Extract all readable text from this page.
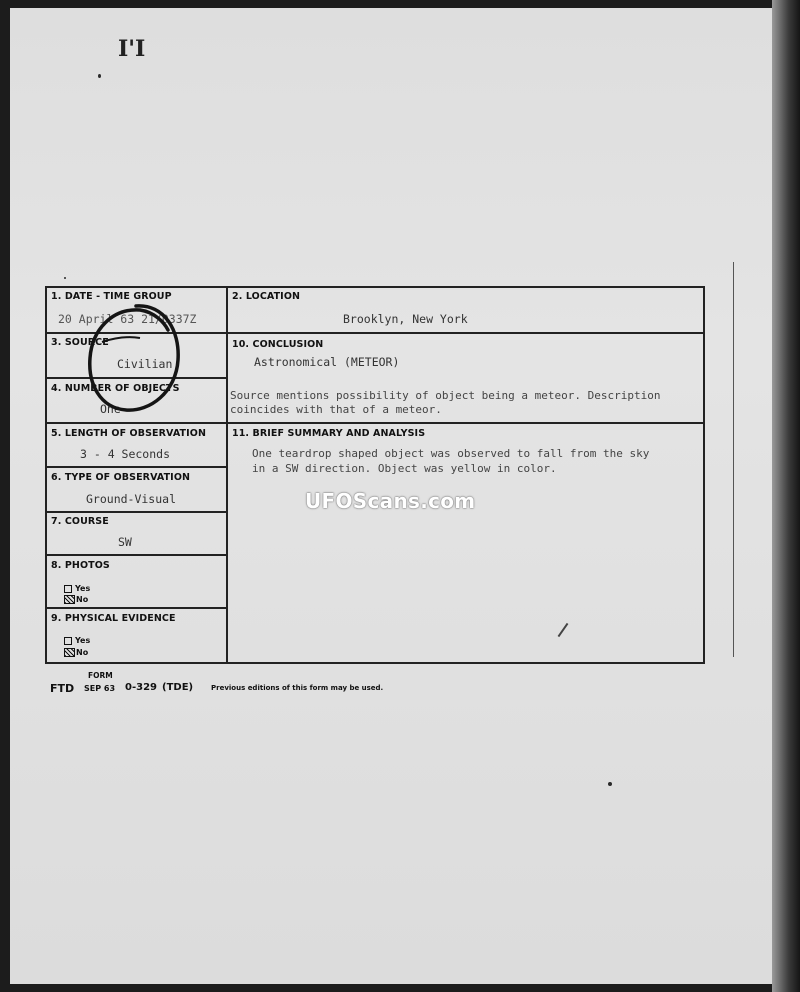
I'I
1. DATE - TIME GROUP
20 April 63 21/0337Z
2. LOCATION
Brooklyn, New York
3. SOURCE
Civilian
10. CONCLUSION
Astronomical (METEOR)
Source mentions possibility of object being a meteor. Description
coincides with that of a meteor.
4. NUMBER OF OBJECTS
One
5. LENGTH OF OBSERVATION
3 - 4 Seconds
11. BRIEF SUMMARY AND ANALYSIS
One teardrop shaped object was observed to fall from the sky
in a SW direction. Object was yellow in color.
6. TYPE OF OBSERVATION
Ground-Visual
7. COURSE
SW
8. PHOTOS
Yes
No
9. PHYSICAL EVIDENCE
Yes
No
UFOScans.com
FORM
FTD SEP 63 0-329 (TDE)	Previous editions of this form may be used.
